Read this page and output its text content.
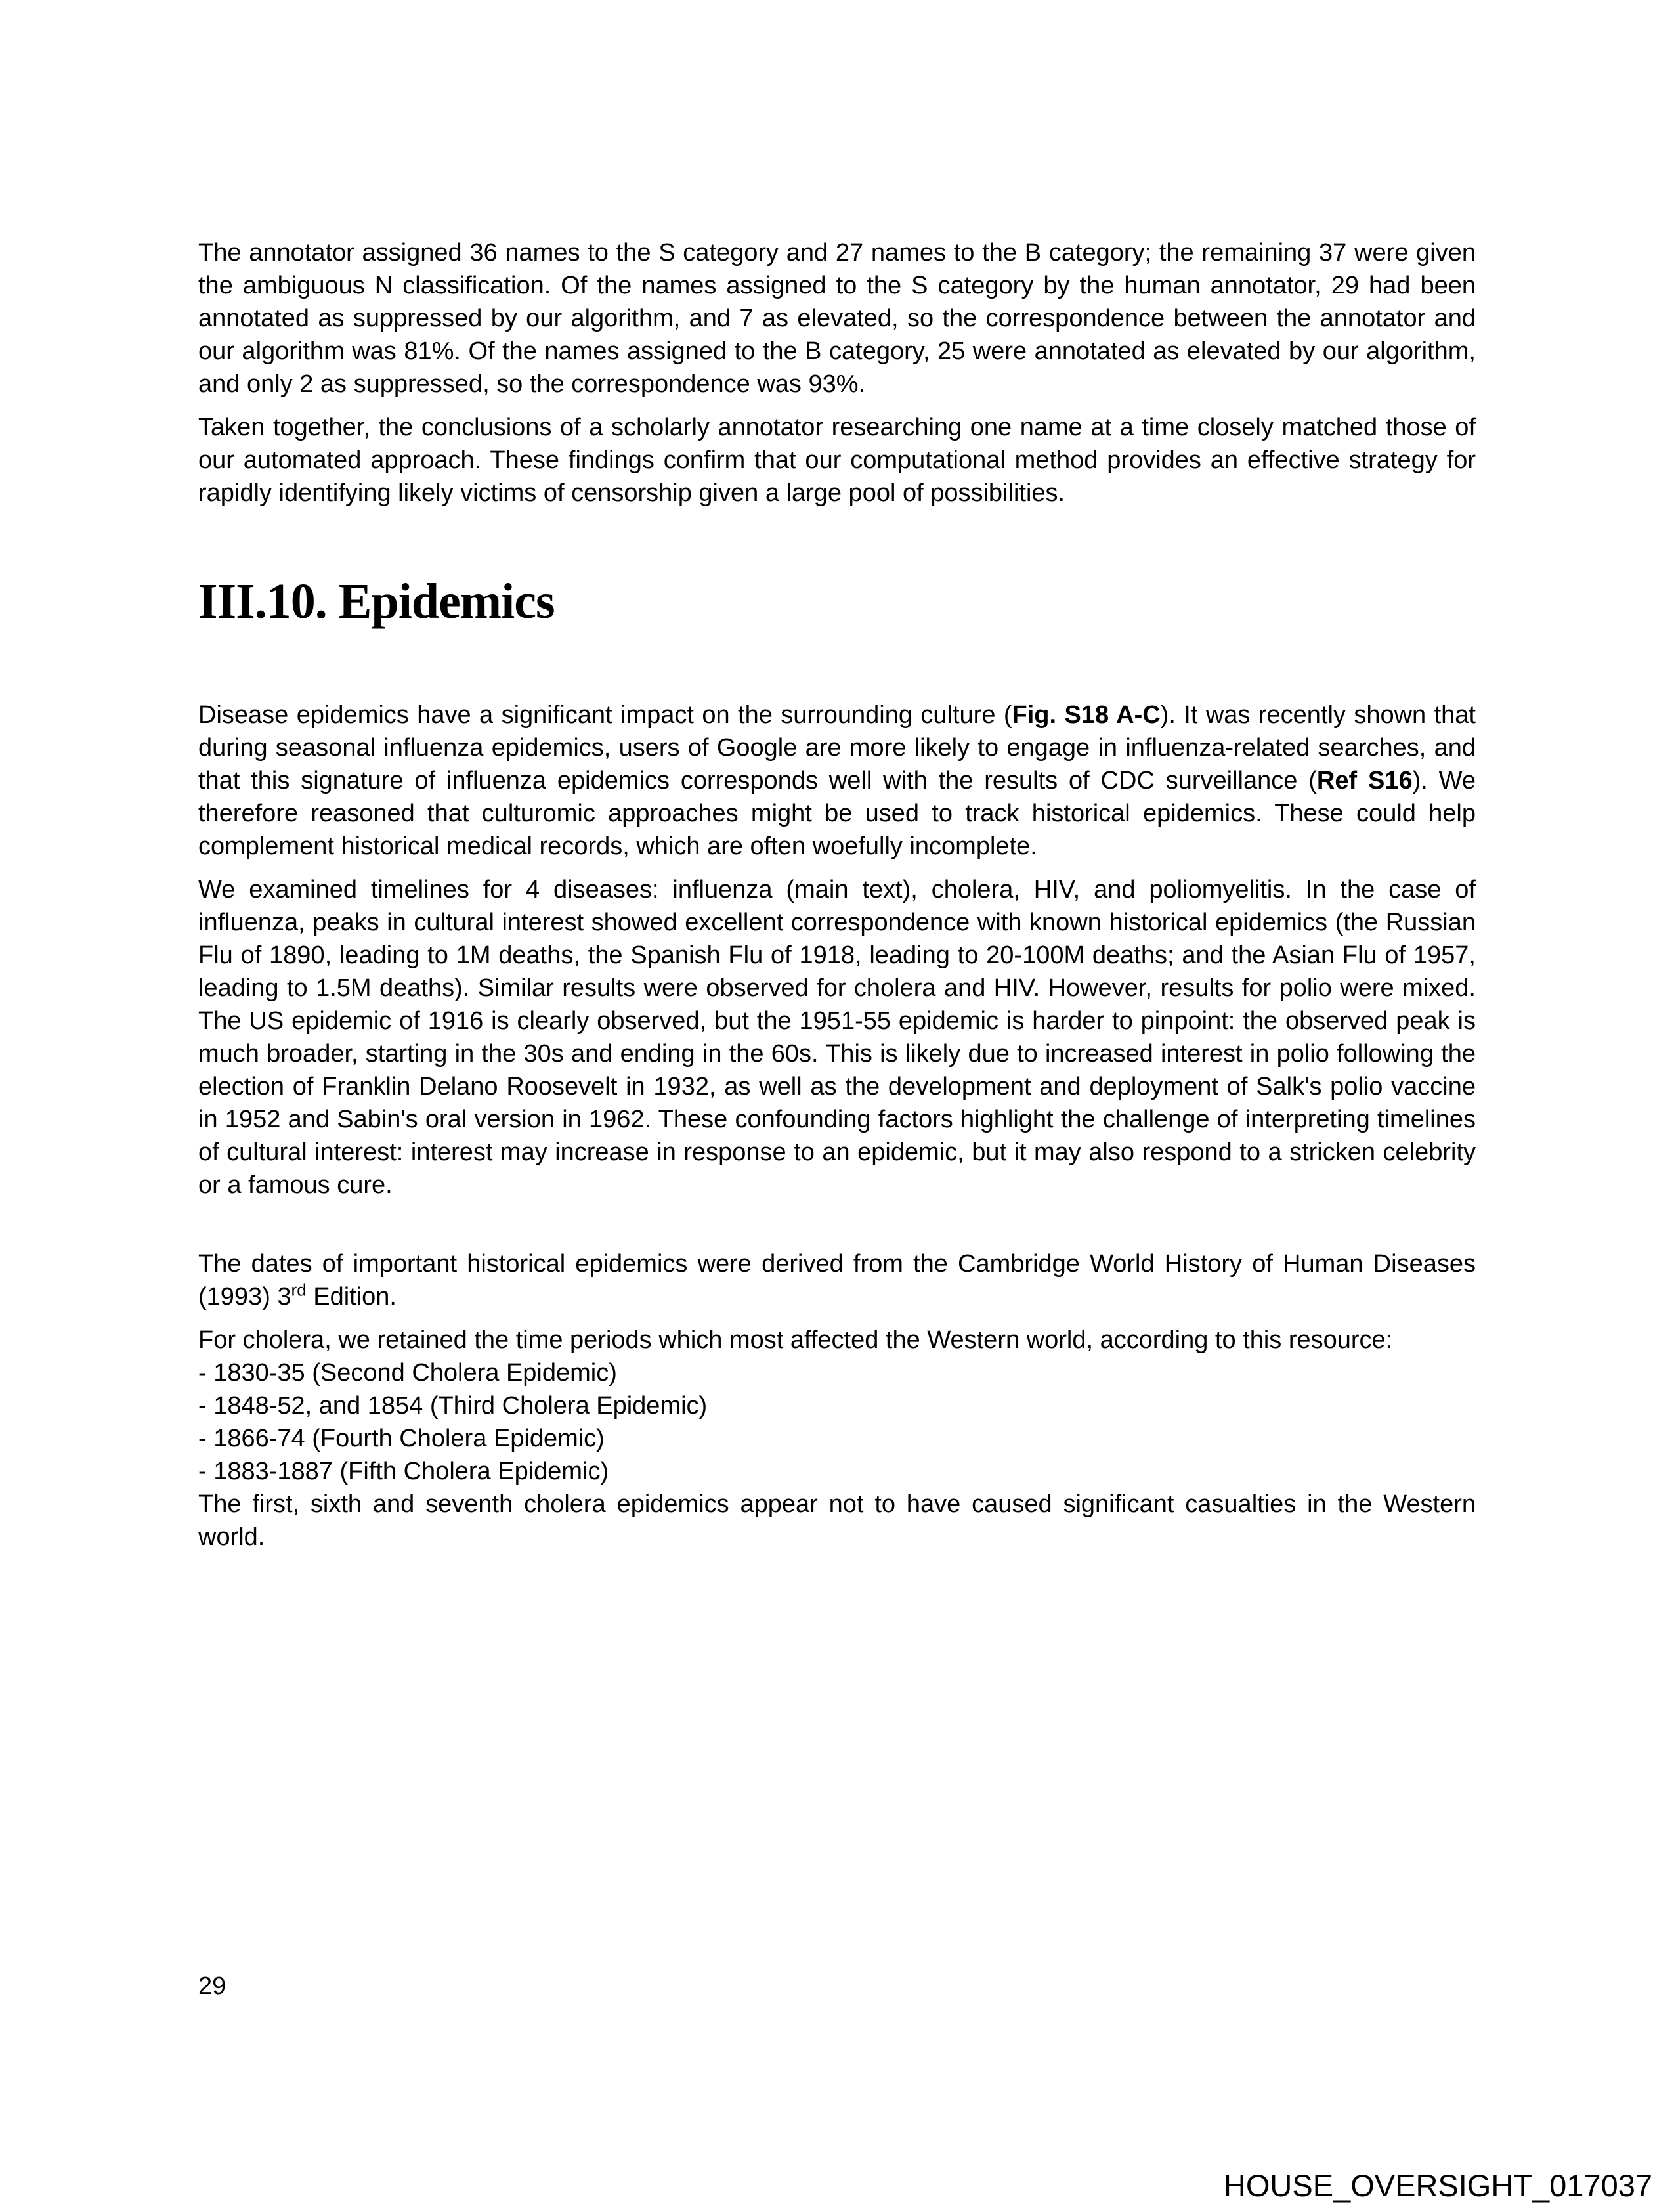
The annotator assigned 36 names to the S category and 27 names to the B category; the remaining 37 were given the ambiguous N classification. Of the names assigned to the S category by the human annotator, 29 had been annotated as suppressed by our algorithm, and 7 as elevated, so the correspondence between the annotator and our algorithm was 81%. Of the names assigned to the B category, 25 were annotated as elevated by our algorithm, and only 2 as suppressed, so the correspondence was 93%.

Taken together, the conclusions of a scholarly annotator researching one name at a time closely matched those of our automated approach. These findings confirm that our computational method provides an effective strategy for rapidly identifying likely victims of censorship given a large pool of possibilities.

III.10. Epidemics

Disease epidemics have a significant impact on the surrounding culture (Fig. S18 A-C). It was recently shown that during seasonal influenza epidemics, users of Google are more likely to engage in influenza-related searches, and that this signature of influenza epidemics corresponds well with the results of CDC surveillance (Ref S16). We therefore reasoned that culturomic approaches might be used to track historical epidemics. These could help complement historical medical records, which are often woefully incomplete.

We examined timelines for 4 diseases: influenza (main text), cholera, HIV, and poliomyelitis. In the case of influenza, peaks in cultural interest showed excellent correspondence with known historical epidemics (the Russian Flu of 1890, leading to 1M deaths, the Spanish Flu of 1918, leading to 20-100M deaths; and the Asian Flu of 1957, leading to 1.5M deaths). Similar results were observed for cholera and HIV. However, results for polio were mixed. The US epidemic of 1916 is clearly observed, but the 1951-55 epidemic is harder to pinpoint: the observed peak is much broader, starting in the 30s and ending in the 60s. This is likely due to increased interest in polio following the election of Franklin Delano Roosevelt in 1932, as well as the development and deployment of Salk's polio vaccine in 1952 and Sabin's oral version in 1962. These confounding factors highlight the challenge of interpreting timelines of cultural interest: interest may increase in response to an epidemic, but it may also respond to a stricken celebrity or a famous cure.

The dates of important historical epidemics were derived from the Cambridge World History of Human Diseases (1993) 3rd Edition.

For cholera, we retained the time periods which most affected the Western world, according to this resource:

- 1830-35 (Second Cholera Epidemic)
- 1848-52, and 1854 (Third Cholera Epidemic)
- 1866-74 (Fourth Cholera Epidemic)
- 1883-1887 (Fifth Cholera Epidemic)

The first, sixth and seventh cholera epidemics appear not to have caused significant casualties in the Western world.

29
HOUSE_OVERSIGHT_017037
